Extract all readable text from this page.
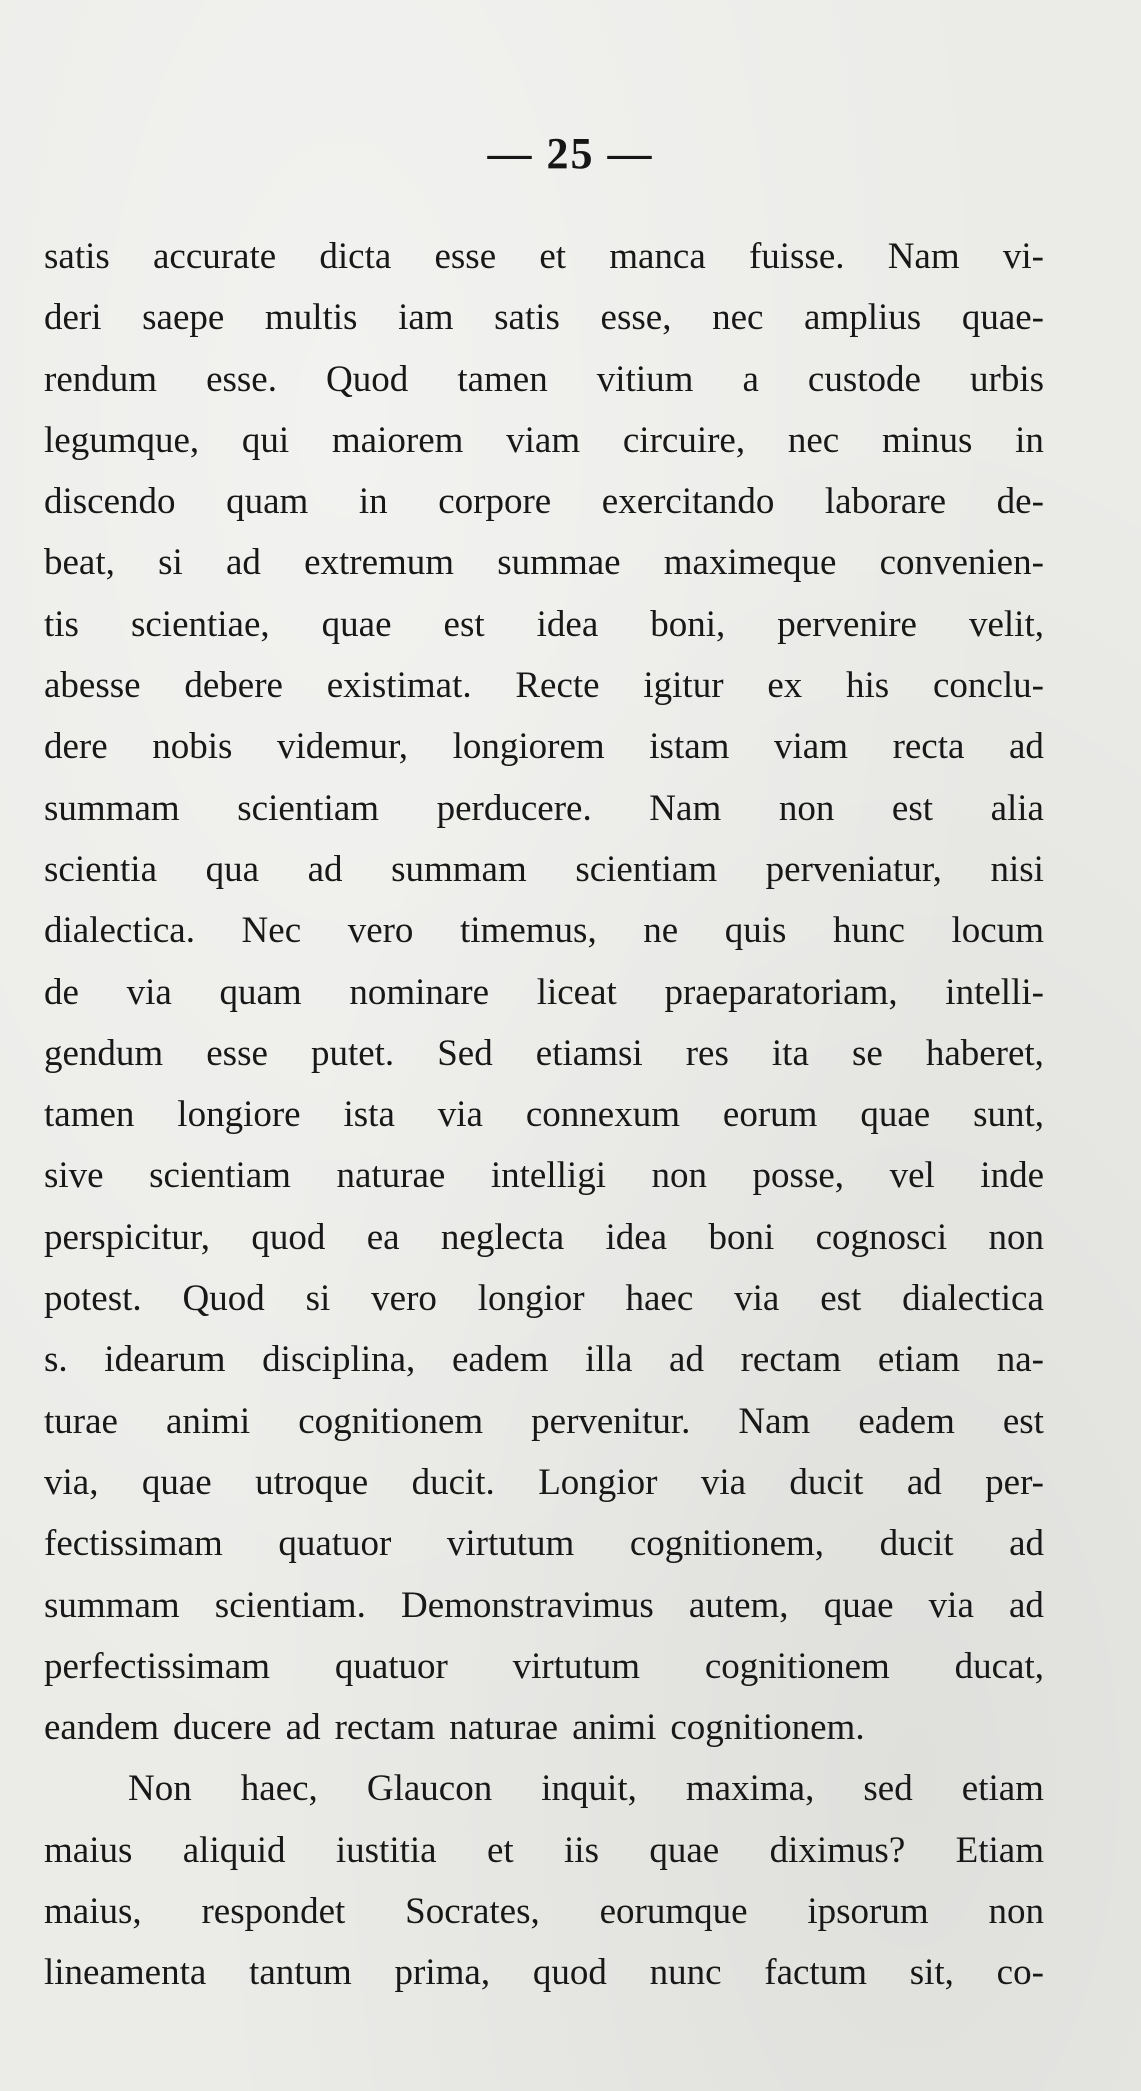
— 25 —
satis accurate dicta esse et manca fuisse. Nam vi-
deri saepe multis iam satis esse, nec amplius quae-
rendum esse. Quod tamen vitium a custode urbis
legumque, qui maiorem viam circuire, nec minus in
discendo quam in corpore exercitando laborare de-
beat, si ad extremum summae maximeque convenien-
tis scientiae, quae est idea boni, pervenire velit,
abesse debere existimat. Recte igitur ex his conclu-
dere nobis videmur, longiorem istam viam recta ad
summam scientiam perducere. Nam non est alia
scientia qua ad summam scientiam perveniatur, nisi
dialectica. Nec vero timemus, ne quis hunc locum
de via quam nominare liceat praeparatoriam, intelli-
gendum esse putet. Sed etiamsi res ita se haberet,
tamen longiore ista via connexum eorum quae sunt,
sive scientiam naturae intelligi non posse, vel inde
perspicitur, quod ea neglecta idea boni cognosci non
potest. Quod si vero longior haec via est dialectica
s. idearum disciplina, eadem illa ad rectam etiam na-
turae animi cognitionem pervenitur. Nam eadem est
via, quae utroque ducit. Longior via ducit ad per-
fectissimam quatuor virtutum cognitionem, ducit ad
summam scientiam. Demonstravimus autem, quae via ad
perfectissimam quatuor virtutum cognitionem ducat,
eandem ducere ad rectam naturae animi cognitionem.
Non haec, Glaucon inquit, maxima, sed etiam
maius aliquid iustitia et iis quae diximus? Etiam
maius, respondet Socrates, eorumque ipsorum non
lineamenta tantum prima, quod nunc factum sit, co-
